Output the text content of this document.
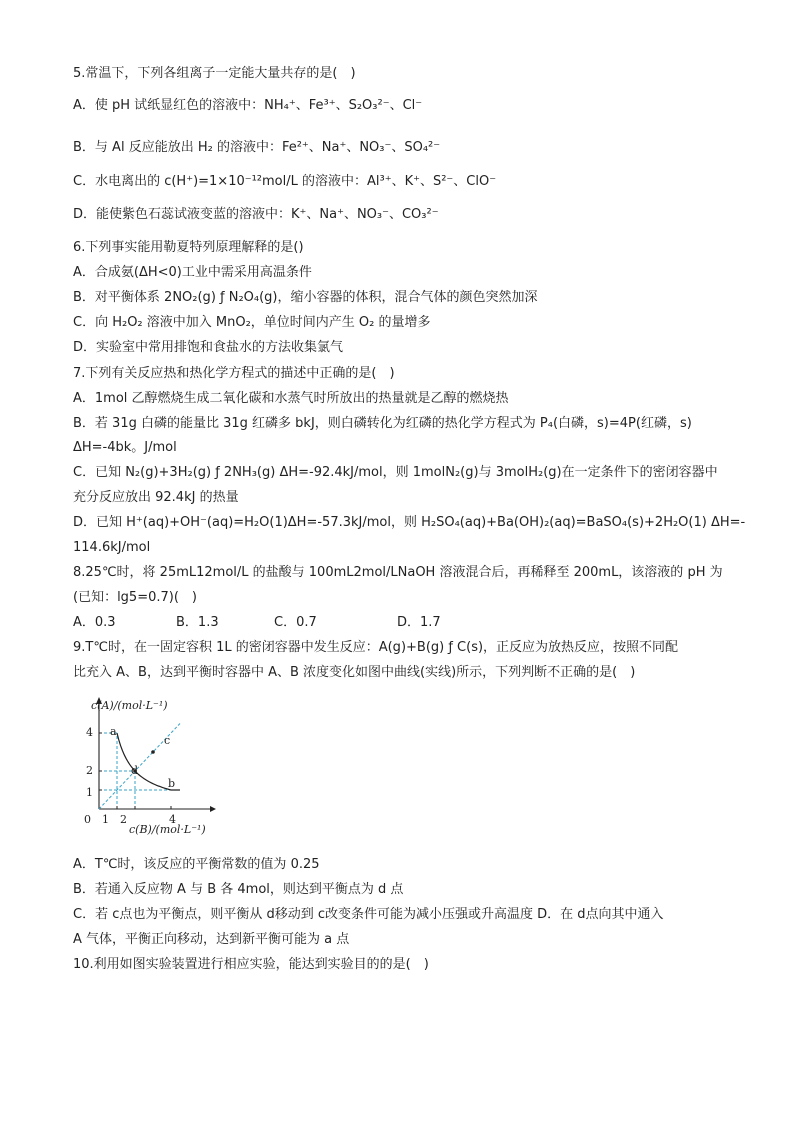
5.常温下，下列各组离子一定能大量共存的是(　)
A．使 pH 试纸显红色的溶液中：NH₄⁺、Fe³⁺、S₂O₃²⁻、Cl⁻
B．与 Al 反应能放出 H₂ 的溶液中：Fe²⁺、Na⁺、NO₃⁻、SO₄²⁻
C．水电离出的 c(H⁺)=1×10⁻¹²mol/L 的溶液中：Al³⁺、K⁺、S²⁻、ClO⁻
D．能使紫色石蕊试液变蓝的溶液中：K⁺、Na⁺、NO₃⁻、CO₃²⁻
6.下列事实能用勒夏特列原理解释的是()
A．合成氨(ΔH<0)工业中需采用高温条件
B．对平衡体系 2NO₂(g) ƒ N₂O₄(g)，缩小容器的体积，混合气体的颜色突然加深
C．向 H₂O₂ 溶液中加入 MnO₂，单位时间内产生 O₂ 的量增多
D．实验室中常用排饱和食盐水的方法收集氯气
7.下列有关反应热和热化学方程式的描述中正确的是(　)
A．1mol 乙醇燃烧生成二氧化碳和水蒸气时所放出的热量就是乙醇的燃烧热
B．若 31g 白磷的能量比 31g 红磷多 bkJ，则白磷转化为红磷的热化学方程式为 P₄(白磷，s)=4P(红磷，s)
ΔH=-4bk。J/mol
C．已知 N₂(g)+3H₂(g) ƒ 2NH₃(g) ΔH=-92.4kJ/mol，则 1molN₂(g)与 3molH₂(g)在一定条件下的密闭容器中
充分反应放出 92.4kJ 的热量
D．已知 H⁺(aq)+OH⁻(aq)=H₂O(1)ΔH=-57.3kJ/mol，则 H₂SO₄(aq)+Ba(OH)₂(aq)=BaSO₄(s)+2H₂O(1) ΔH=-
114.6kJ/mol
8.25℃时，将 25mL12mol/L 的盐酸与 100mL2mol/LNaOH 溶液混合后，再稀释至 200mL，该溶液的 pH 为
(已知：lg5=0.7)(　)
A．0.3	B．1.3	C．0.7	D．1.7
9.T℃时，在一固定容积 1L 的密闭容器中发生反应：A(g)+B(g) ƒ C(s)，正反应为放热反应，按照不同配
比充入 A、B，达到平衡时容器中 A、B 浓度变化如图中曲线(实线)所示，下列判断不正确的是(　)
c(A)/(mol·L⁻¹)
c(B)/(mol·L⁻¹)
0
4
2
1
1 2	4
a
b
c
d
A．T℃时，该反应的平衡常数的值为 0.25
B．若通入反应物 A 与 B 各 4mol，则达到平衡点为 d 点
C．若 c点也为平衡点，则平衡从 d移动到 c改变条件可能为减小压强或升高温度 D．在 d点向其中通入
A 气体，平衡正向移动，达到新平衡可能为 a 点
10.利用如图实验装置进行相应实验，能达到实验目的的是(　)
